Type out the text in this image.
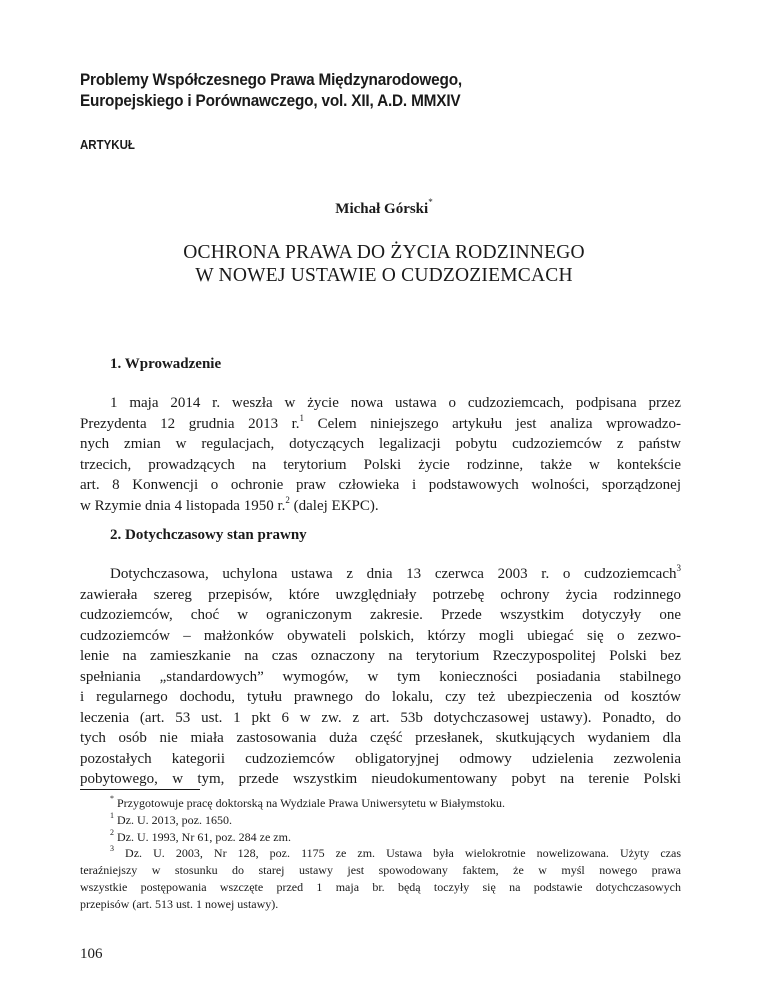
Problemy Współczesnego Prawa Międzynarodowego,
Europejskiego i Porównawczego, vol. XII, A.D. MMXIV
ARTYKUŁ
Michał Górski*
OCHRONA PRAWA DO ŻYCIA RODZINNEGO
W NOWEJ USTAWIE O CUDZOZIEMCACH
1. Wprowadzenie
1 maja 2014 r. weszła w życie nowa ustawa o cudzoziemcach, podpisana przez
Prezydenta 12 grudnia 2013 r.$^1$ Celem niniejszego artykułu jest analiza wprowadzo-
nych zmian w regulacjach, dotyczących legalizacji pobytu cudzoziemców z państw
trzecich, prowadzących na terytorium Polski życie rodzinne, także w kontekście
art. 8 Konwencji o ochronie praw człowieka i podstawowych wolności, sporządzonej
w Rzymie dnia 4 listopada 1950 r.$^2$ (dalej EKPC).
2. Dotychczasowy stan prawny
Dotychczasowa, uchylona ustawa z dnia 13 czerwca 2003 r. o cudzoziemcach$^3$
zawierała szereg przepisów, które uwzględniały potrzebę ochrony życia rodzinnego
cudzoziemców, choć w ograniczonym zakresie. Przede wszystkim dotyczyły one
cudzoziemców – małżonków obywateli polskich, którzy mogli ubiegać się o zezwo-
lenie na zamieszkanie na czas oznaczony na terytorium Rzeczypospolitej Polski bez
spełniania „standardowych” wymogów, w tym konieczności posiadania stabilnego
i regularnego dochodu, tytułu prawnego do lokalu, czy też ubezpieczenia od kosztów
leczenia (art. 53 ust. 1 pkt 6 w zw. z art. 53b dotychczasowej ustawy). Ponadto, do
tych osób nie miała zastosowania duża część przesłanek, skutkujących wydaniem dla
pozostałych kategorii cudzoziemców obligatoryjnej odmowy udzielenia zezwolenia
pobytowego, w tym, przede wszystkim nieudokumentowany pobyt na terenie Polski
* Przygotowuje pracę doktorską na Wydziale Prawa Uniwersytetu w Białymstoku.
$^1$ Dz. U. 2013, poz. 1650.
$^2$ Dz. U. 1993, Nr 61, poz. 284 ze zm.
$^3$ Dz. U. 2003, Nr 128, poz. 1175 ze zm. Ustawa była wielokrotnie nowelizowana. Użyty czas
teraźniejszy w stosunku do starej ustawy jest spowodowany faktem, że w myśl nowego prawa
wszystkie postępowania wszczęte przed 1 maja br. będą toczyły się na podstawie dotychczasowych
przepisów (art. 513 ust. 1 nowej ustawy).
106
